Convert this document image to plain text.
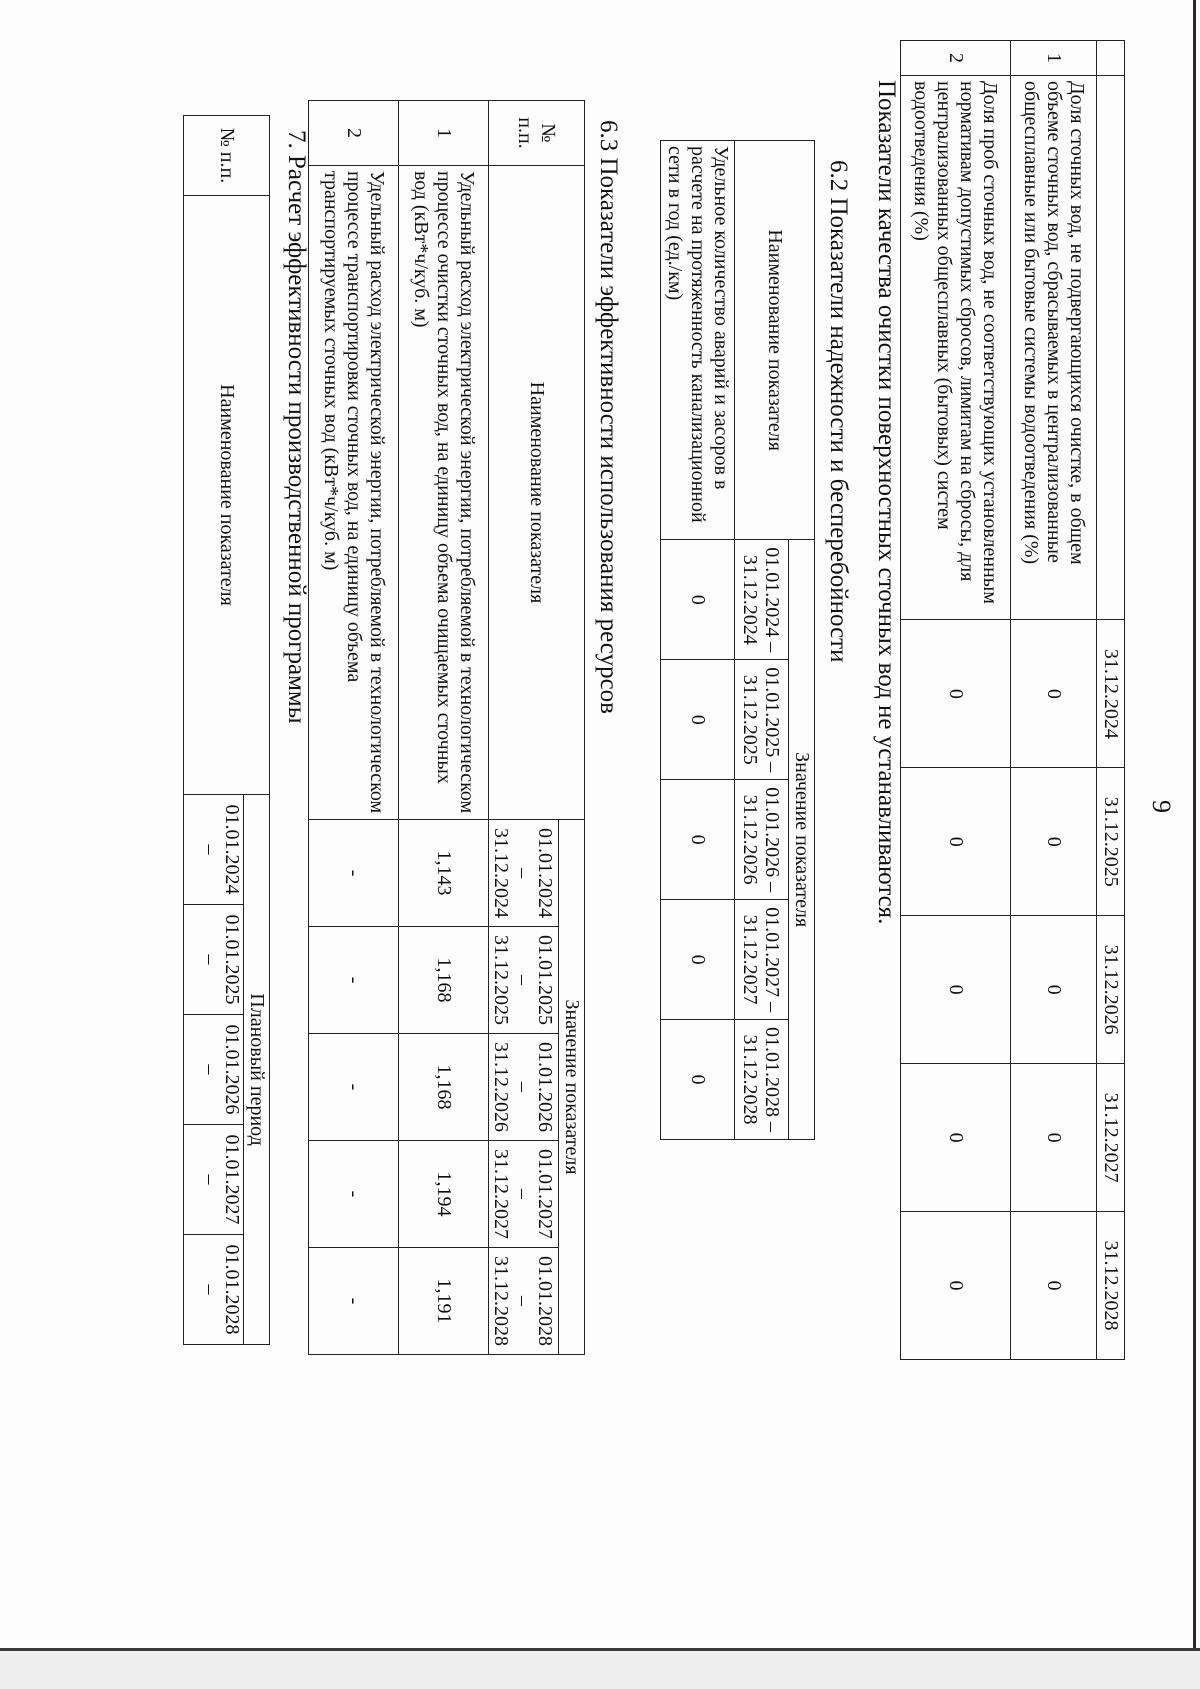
9
		31.12.2024	31.12.2025	31.12.2026	31.12.2027	31.12.2028
1	Доля сточных вод, не подвергающихся очистке, в общем объеме сточных вод, сбрасываемых в централизованные общесплавные или бытовые системы водоотведения (%)	0	0	0	0	0
2	Доля проб сточных вод, не соответствующих установленным нормативам допустимых сбросов, лимитам на сбросы, для централизованных общесплавных (бытовых) систем водоотведения (%)	0	0	0	0	0
Показатели качества очистки поверхностных сточных вод не устанавливаются.
6.2 Показатели надежности и бесперебойности
Наименование показателя	Значение показателя				
	01.01.2024 – 31.12.2024	01.01.2025 – 31.12.2025	01.01.2026 – 31.12.2026	01.01.2027 – 31.12.2027	01.01.2028 – 31.12.2028
Удельное количество аварий и засоров в расчете на протяженность канализационной сети в год (ед./км)	0	0	0	0	0
6.3 Показатели эффективности использования ресурсов
№ п.п.	Наименование показателя	Значение показателя				
		01.01.2024 – 31.12.2024	01.01.2025 – 31.12.2025	01.01.2026 – 31.12.2026	01.01.2027 – 31.12.2027	01.01.2028 – 31.12.2028
1	Удельный расход электрической энергии, потребляемой в технологическом процессе очистки сточных вод, на единицу объема очищаемых сточных вод (кВт*ч/куб. м)	1,143	1,168	1,168	1,194	1,191
2	Удельный расход электрической энергии, потребляемой в технологическом процессе транспортировки сточных вод, на единицу объема транспортируемых сточных вод (кВт*ч/куб. м)	-	-	-	-	-
7. Расчет эффективности производственной программы
№ п.п.	Наименование показателя	Плановый период				
		01.01.2024 –	01.01.2025 –	01.01.2026 –	01.01.2027 –	01.01.2028 –
